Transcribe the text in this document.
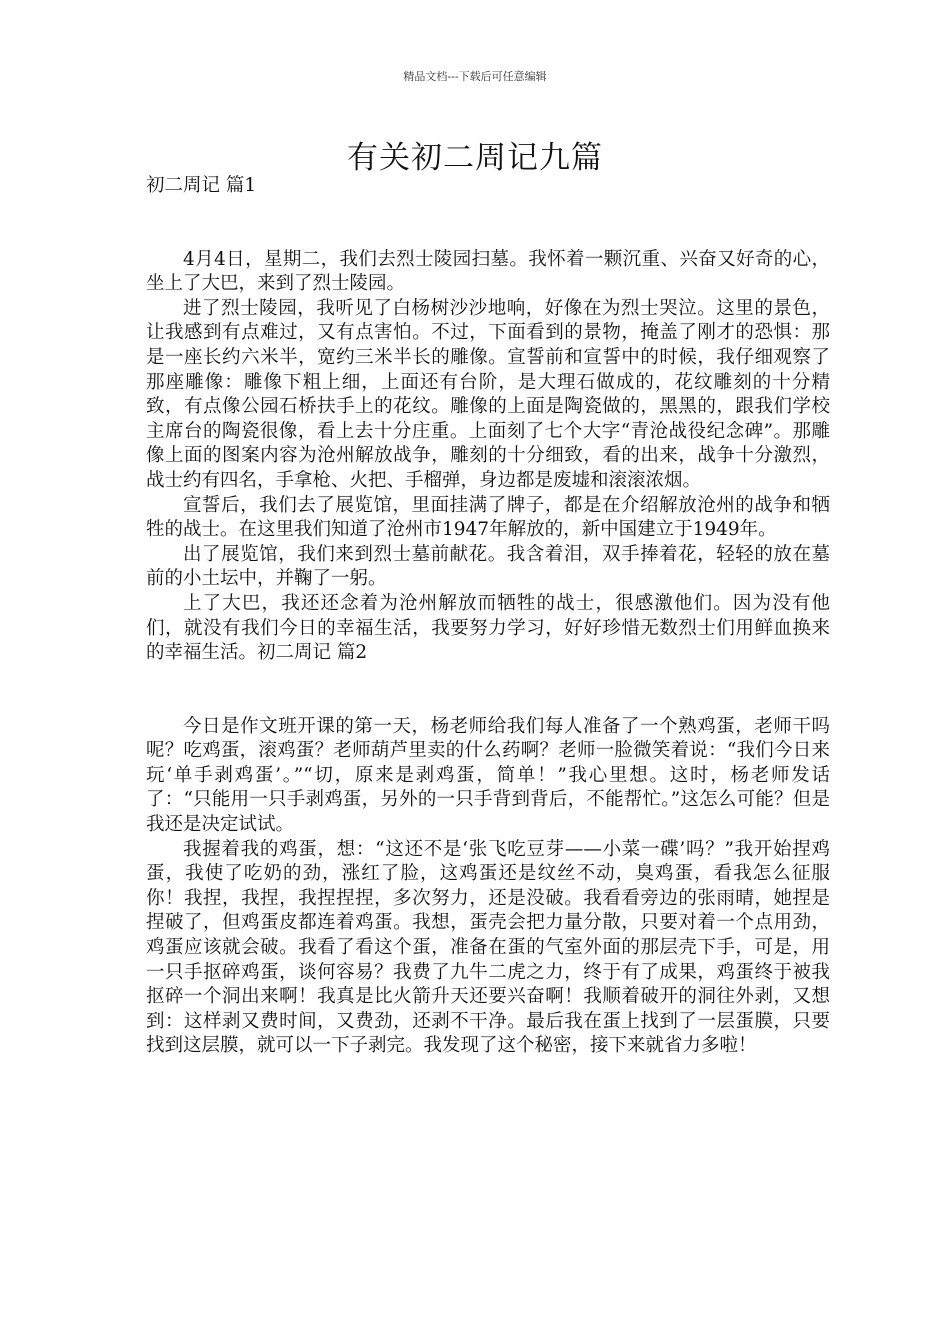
精品文档---下载后可任意编辑
有关初二周记九篇

初二周记 篇1

4月4日，星期二，我们去烈士陵园扫墓。我怀着一颗沉重、兴奋又好奇的心，坐上了大巴，来到了烈士陵园。

进了烈士陵园，我听见了白杨树沙沙地响，好像在为烈士哭泣。这里的景色，让我感到有点难过，又有点害怕。不过，下面看到的景物，掩盖了刚才的恐惧：那是一座长约六米半，宽约三米半长的雕像。宣誓前和宣誓中的时候，我仔细观察了那座雕像：雕像下粗上细，上面还有台阶，是大理石做成的，花纹雕刻的十分精致，有点像公园石桥扶手上的花纹。雕像的上面是陶瓷做的，黑黑的，跟我们学校主席台的陶瓷很像，看上去十分庄重。上面刻了七个大字“青沧战役纪念碑”。那雕像上面的图案内容为沧州解放战争，雕刻的十分细致，看的出来，战争十分激烈，战士约有四名，手拿枪、火把、手榴弹，身边都是废墟和滚滚浓烟。

宣誓后，我们去了展览馆，里面挂满了牌子，都是在介绍解放沧州的战争和牺牲的战士。在这里我们知道了沧州市1947年解放的，新中国建立于1949年。

出了展览馆，我们来到烈士墓前献花。我含着泪，双手捧着花，轻轻的放在墓前的小土坛中，并鞠了一躬。

上了大巴，我还还念着为沧州解放而牺牲的战士，很感激他们。因为没有他们，就没有我们今日的幸福生活，我要努力学习，好好珍惜无数烈士们用鲜血换来的幸福生活。初二周记 篇2

今日是作文班开课的第一天，杨老师给我们每人准备了一个熟鸡蛋，老师干吗呢？吃鸡蛋，滚鸡蛋？老师葫芦里卖的什么药啊？老师一脸微笑着说：“我们今日来玩‘单手剥鸡蛋’。”“切，原来是剥鸡蛋，简单！”我心里想。这时，杨老师发话了：“只能用一只手剥鸡蛋，另外的一只手背到背后，不能帮忙。”这怎么可能？但是我还是决定试试。

我握着我的鸡蛋，想：“这还不是‘张飞吃豆芽——小菜一碟’吗？”我开始捏鸡蛋，我使了吃奶的劲，涨红了脸，这鸡蛋还是纹丝不动，臭鸡蛋，看我怎么征服你！我捏，我捏，我捏捏捏，多次努力，还是没破。我看看旁边的张雨晴，她捏是捏破了，但鸡蛋皮都连着鸡蛋。我想，蛋壳会把力量分散，只要对着一个点用劲，鸡蛋应该就会破。我看了看这个蛋，准备在蛋的气室外面的那层壳下手，可是，用一只手抠碎鸡蛋，谈何容易？我费了九牛二虎之力，终于有了成果，鸡蛋终于被我抠碎一个洞出来啊！我真是比火箭升天还要兴奋啊！我顺着破开的洞往外剥，又想到：这样剥又费时间，又费劲，还剥不干净。最后我在蛋上找到了一层蛋膜，只要找到这层膜，就可以一下子剥完。我发现了这个秘密，接下来就省力多啦！
